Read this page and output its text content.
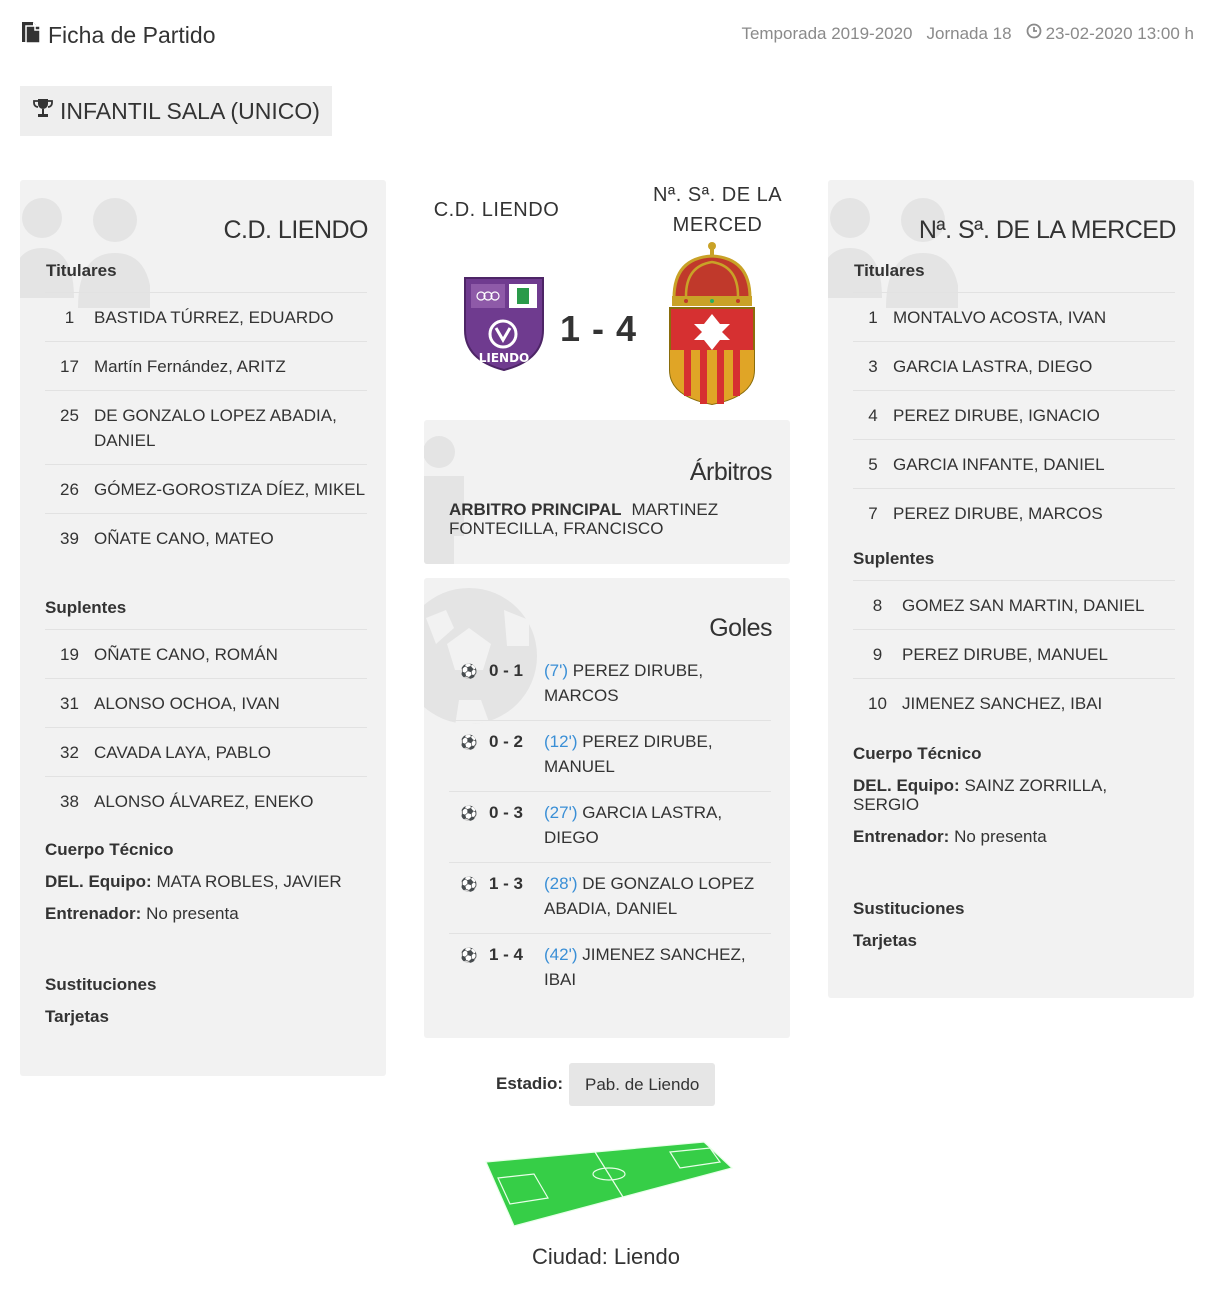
Ficha de Partido	Temporada 2019-2020 Jornada 18 23-02-2020 13:00 h
INFANTIL SALA (UNICO)
C.D. LIENDO
Titulares
1	BASTIDA TÚRREZ, EDUARDO
17 Martín Fernández, ARITZ
25 DE GONZALO LOPEZ ABADIA, DANIEL
26 GÓMEZ-GOROSTIZA DÍEZ, MIKEL
39 OÑATE CANO, MATEO
Suplentes
19 OÑATE CANO, ROMÁN
31 ALONSO OCHOA, IVAN
32 CAVADA LAYA, PABLO
38 ALONSO ÁLVAREZ, ENEKO
Cuerpo Técnico
DEL. Equipo: MATA ROBLES, JAVIER
Entrenador: No presenta
Sustituciones
Tarjetas
C.D. LIENDO
Nª. Sª. DE LA
MERCED
LIENDO
1 - 4
Árbitros
ARBITRO PRINCIPAL MARTINEZ FONTECILLA, FRANCISCO
Goles
⚽ 0 - 1	(7') PEREZ DIRUBE, MARCOS
⚽ 0 - 2	(12') PEREZ DIRUBE, MANUEL
⚽ 0 - 3	(27') GARCIA LASTRA, DIEGO
⚽ 1 - 3	(28') DE GONZALO LOPEZ ABADIA, DANIEL
⚽ 1 - 4	(42') JIMENEZ SANCHEZ, IBAI
Nª. Sª. DE LA MERCED
Titulares
1 MONTALVO ACOSTA, IVAN
3 GARCIA LASTRA, DIEGO
4 PEREZ DIRUBE, IGNACIO
5 GARCIA INFANTE, DANIEL
7 PEREZ DIRUBE, MARCOS
Suplentes
8	GOMEZ SAN MARTIN, DANIEL
9	PEREZ DIRUBE, MANUEL
10 JIMENEZ SANCHEZ, IBAI
Cuerpo Técnico
DEL. Equipo: SAINZ ZORRILLA, SERGIO
Entrenador: No presenta
Sustituciones
Tarjetas
Estadio:	Pab. de Liendo
Ciudad: Liendo
